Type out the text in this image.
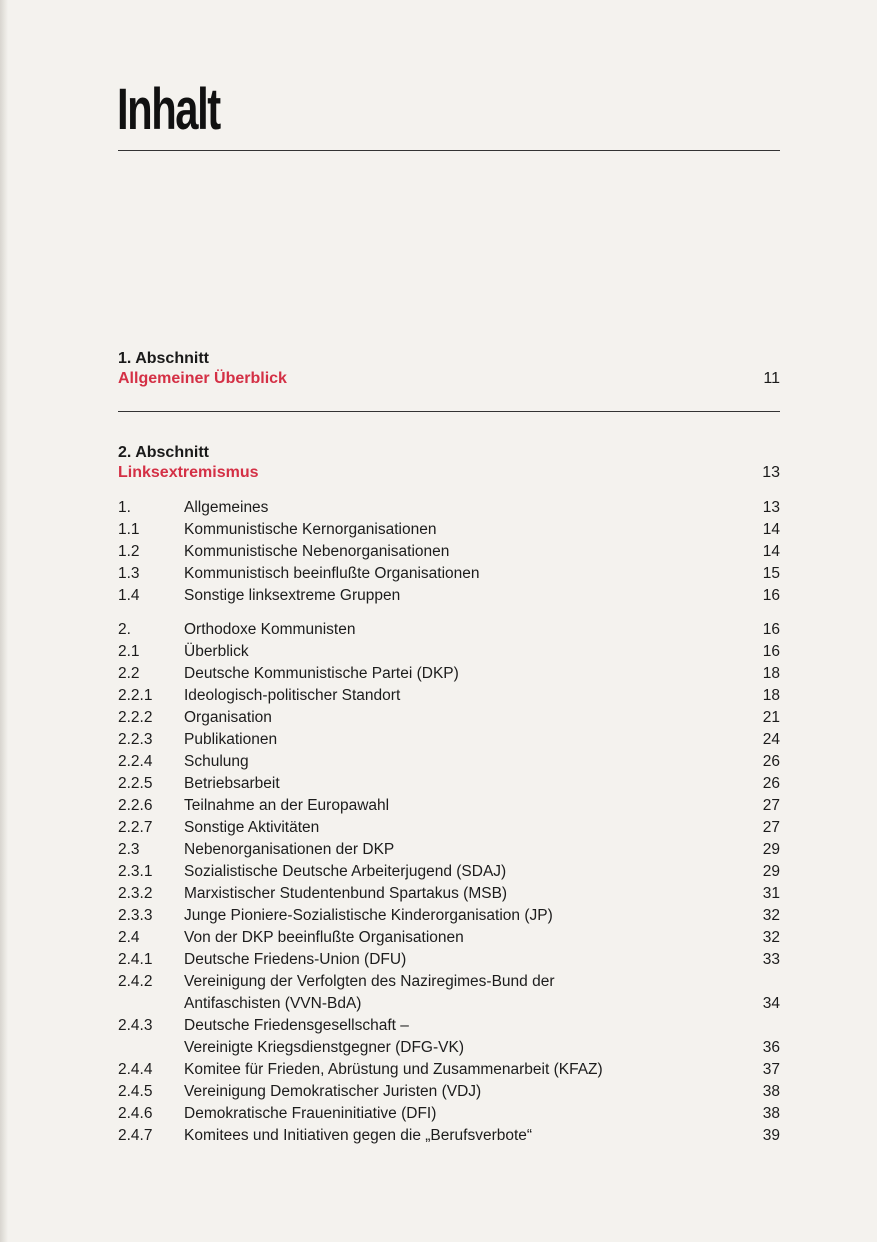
Inhalt
1. Abschnitt
Allgemeiner Überblick	11
2. Abschnitt
Linksextremismus	13
1.	Allgemeines	13
1.1	Kommunistische Kernorganisationen	14
1.2	Kommunistische Nebenorganisationen	14
1.3	Kommunistisch beeinflußte Organisationen	15
1.4	Sonstige linksextreme Gruppen	16
2.	Orthodoxe Kommunisten	16
2.1	Überblick	16
2.2	Deutsche Kommunistische Partei (DKP)	18
2.2.1	Ideologisch-politischer Standort	18
2.2.2	Organisation	21
2.2.3	Publikationen	24
2.2.4	Schulung	26
2.2.5	Betriebsarbeit	26
2.2.6	Teilnahme an der Europawahl	27
2.2.7	Sonstige Aktivitäten	27
2.3	Nebenorganisationen der DKP	29
2.3.1	Sozialistische Deutsche Arbeiterjugend (SDAJ)	29
2.3.2	Marxistischer Studentenbund Spartakus (MSB)	31
2.3.3	Junge Pioniere-Sozialistische Kinderorganisation (JP)	32
2.4	Von der DKP beeinflußte Organisationen	32
2.4.1	Deutsche Friedens-Union (DFU)	33
2.4.2	Vereinigung der Verfolgten des Naziregimes-Bund der
Antifaschisten (VVN-BdA)	34
2.4.3	Deutsche Friedensgesellschaft –
Vereinigte Kriegsdienstgegner (DFG-VK)	36
2.4.4	Komitee für Frieden, Abrüstung und Zusammenarbeit (KFAZ)	37
2.4.5	Vereinigung Demokratischer Juristen (VDJ)	38
2.4.6	Demokratische Fraueninitiative (DFI)	38
2.4.7	Komitees und Initiativen gegen die „Berufsverbote“	39
